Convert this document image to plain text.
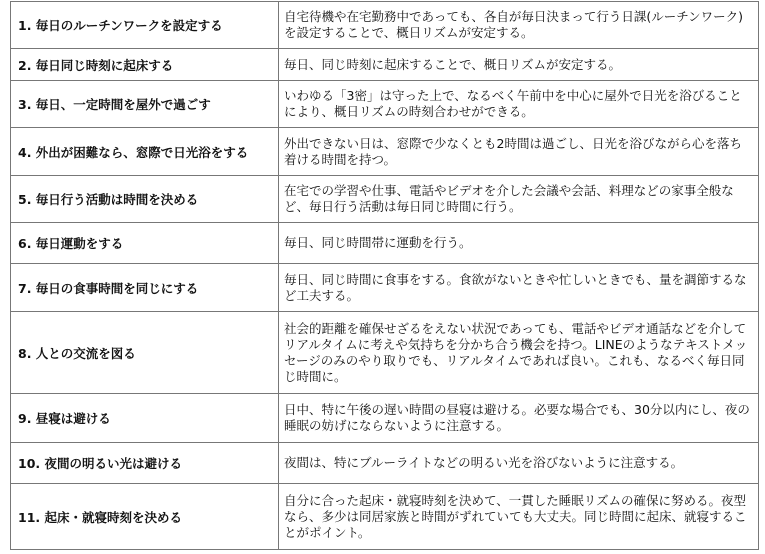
1. 毎日のルーチンワークを設定する	自宅待機や在宅勤務中であっても、各自が毎日決まって行う日課(ルーチンワーク)を設定することで、概日リズムが安定する。
2. 毎日同じ時刻に起床する	毎日、同じ時刻に起床することで、概日リズムが安定する。
3. 毎日、一定時間を屋外で過ごす	いわゆる「3密」は守った上で、なるべく午前中を中心に屋外で日光を浴びることにより、概日リズムの時刻合わせができる。
4. 外出が困難なら、窓際で日光浴をする	外出できない日は、窓際で少なくとも2時間は過ごし、日光を浴びながら心を落ち着ける時間を持つ。
5. 毎日行う活動は時間を決める	在宅での学習や仕事、電話やビデオを介した会議や会話、料理などの家事全般など、毎日行う活動は毎日同じ時間に行う。
6. 毎日運動をする	毎日、同じ時間帯に運動を行う。
7. 毎日の食事時間を同じにする	毎日、同じ時間に食事をする。食欲がないときや忙しいときでも、量を調節するなど工夫する。
8. 人との交流を図る	社会的距離を確保せざるをえない状況であっても、電話やビデオ通話などを介してリアルタイムに考えや気持ちを分かち合う機会を持つ。LINEのようなテキストメッセージのみのやり取りでも、リアルタイムであれば良い。これも、なるべく毎日同じ時間に。
9. 昼寝は避ける	日中、特に午後の遅い時間の昼寝は避ける。必要な場合でも、30分以内にし、夜の睡眠の妨げにならないように注意する。
10. 夜間の明るい光は避ける	夜間は、特にブルーライトなどの明るい光を浴びないように注意する。
11. 起床・就寝時刻を決める	自分に合った起床・就寝時刻を決めて、一貫した睡眠リズムの確保に努める。夜型なら、多少は同居家族と時間がずれていても大丈夫。同じ時間に起床、就寝することがポイント。
